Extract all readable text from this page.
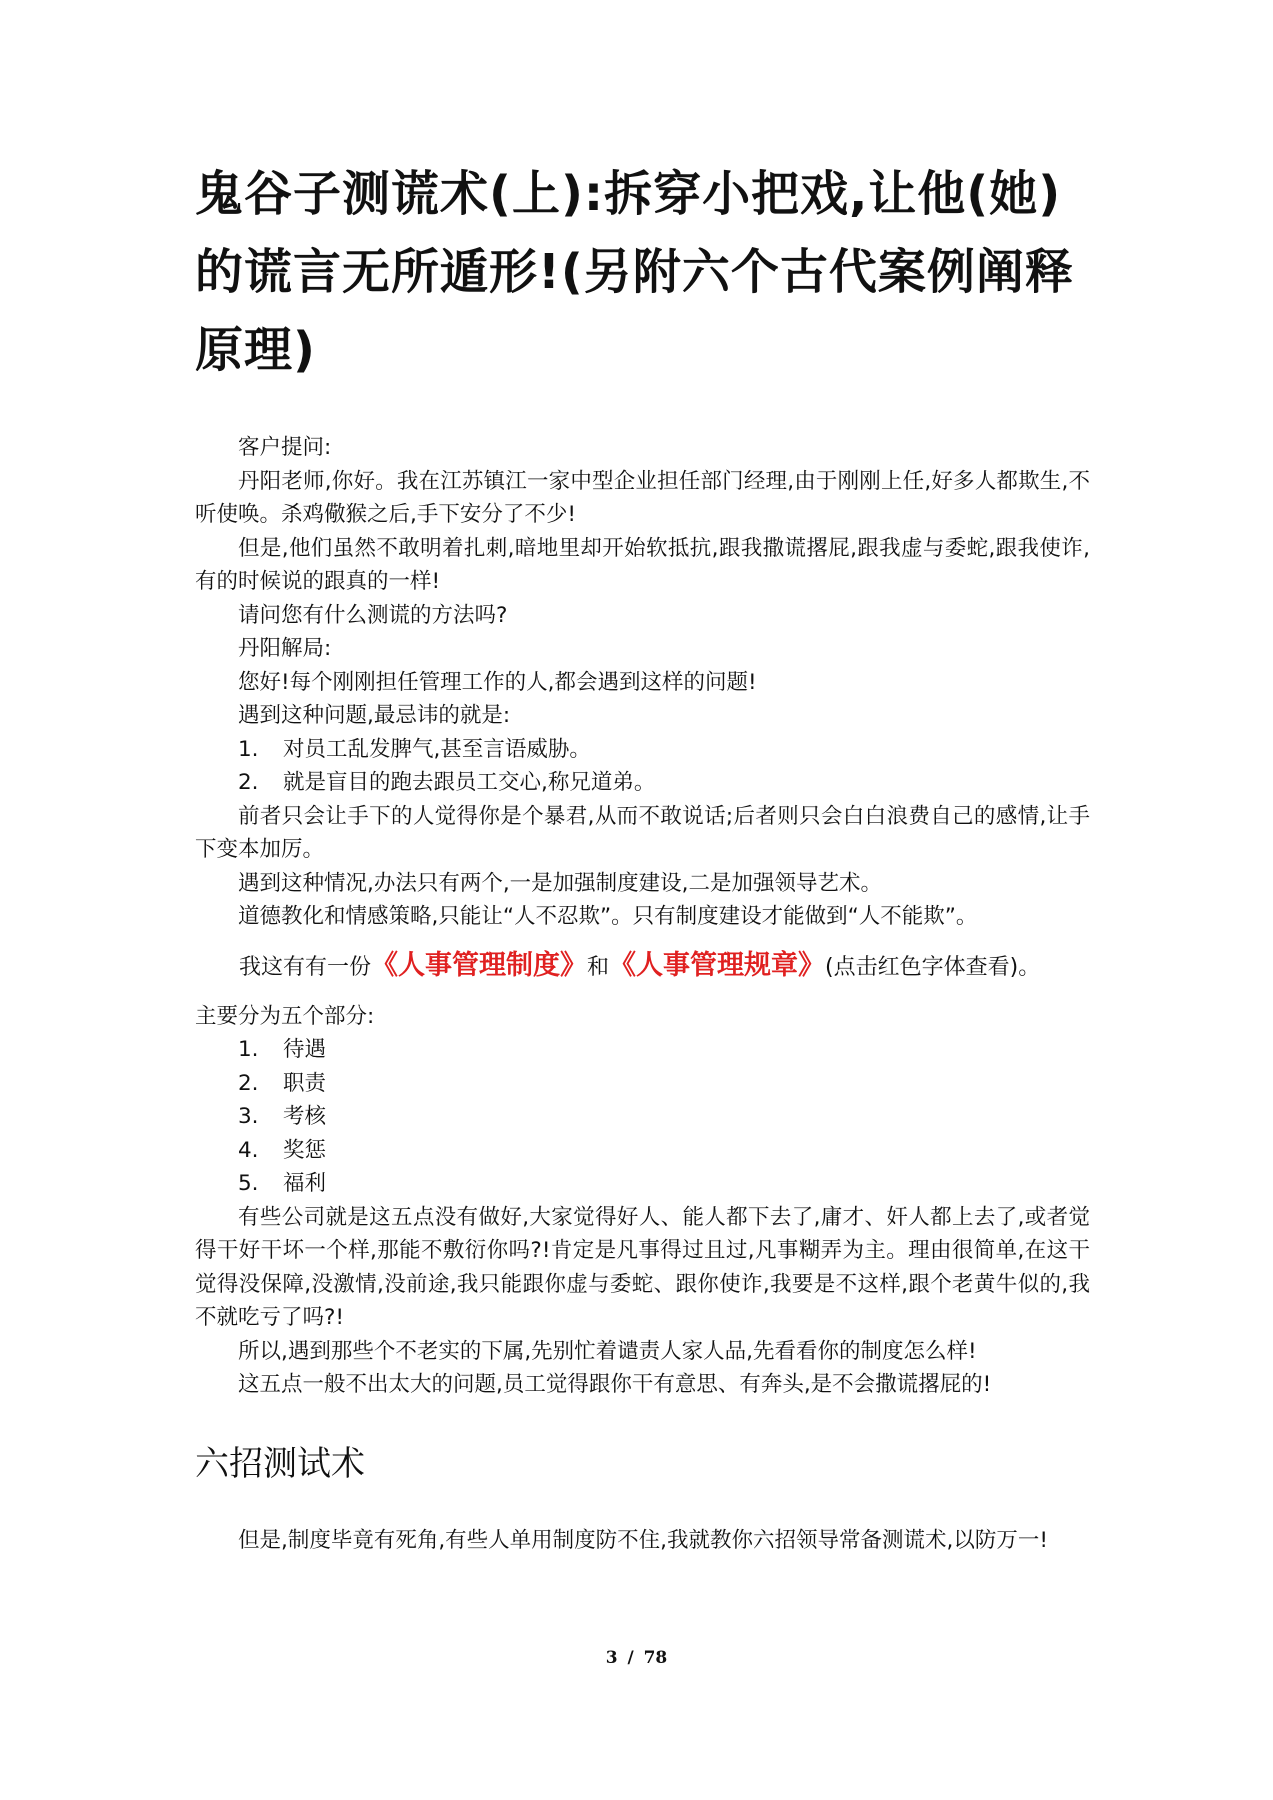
鬼谷子测谎术(上):拆穿小把戏,让他(她)的谎言无所遁形!(另附六个古代案例阐释原理)

客户提问:

丹阳老师,你好。我在江苏镇江一家中型企业担任部门经理,由于刚刚上任,好多人都欺生,不听使唤。杀鸡儆猴之后,手下安分了不少!

但是,他们虽然不敢明着扎刺,暗地里却开始软抵抗,跟我撒谎撂屁,跟我虚与委蛇,跟我使诈,有的时候说的跟真的一样!

请问您有什么测谎的方法吗?

丹阳解局:

您好!每个刚刚担任管理工作的人,都会遇到这样的问题!

遇到这种问题,最忌讳的就是:

1.	对员工乱发脾气,甚至言语威胁。
2.	就是盲目的跑去跟员工交心,称兄道弟。

前者只会让手下的人觉得你是个暴君,从而不敢说话;后者则只会白白浪费自己的感情,让手下变本加厉。

遇到这种情况,办法只有两个,一是加强制度建设,二是加强领导艺术。

道德教化和情感策略,只能让“人不忍欺”。只有制度建设才能做到“人不能欺”。

我这有有一份《人事管理制度》和《人事管理规章》(点击红色字体查看)。

主要分为五个部分:

1.	待遇
2.	职责
3.	考核
4.	奖惩
5.	福利

有些公司就是这五点没有做好,大家觉得好人、能人都下去了,庸才、奸人都上去了,或者觉得干好干坏一个样,那能不敷衍你吗?!肯定是凡事得过且过,凡事糊弄为主。理由很简单,在这干觉得没保障,没激情,没前途,我只能跟你虚与委蛇、跟你使诈,我要是不这样,跟个老黄牛似的,我不就吃亏了吗?!

所以,遇到那些个不老实的下属,先别忙着谴责人家人品,先看看你的制度怎么样!

这五点一般不出太大的问题,员工觉得跟你干有意思、有奔头,是不会撒谎撂屁的!

六招测试术

但是,制度毕竟有死角,有些人单用制度防不住,我就教你六招领导常备测谎术,以防万一!

3 / 78
